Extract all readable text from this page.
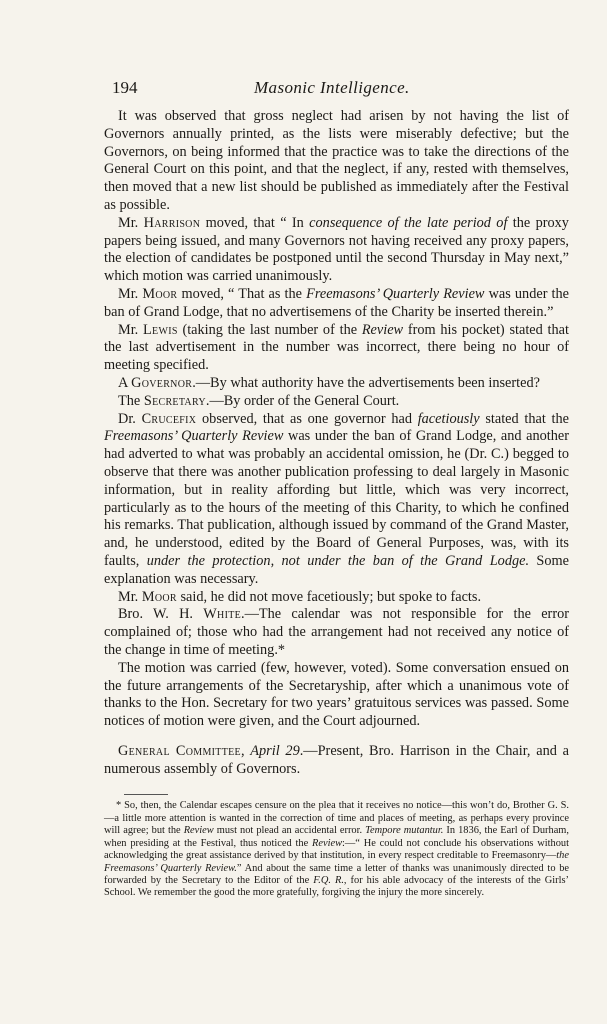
194	Masonic Intelligence.

It was observed that gross neglect had arisen by not having the list of Governors annually printed, as the lists were miserably defective; but the Governors, on being informed that the practice was to take the directions of the General Court on this point, and that the neglect, if any, rested with themselves, then moved that a new list should be published as immediately after the Festival as possible.

Mr. Harrison moved, that “ In consequence of the late period of the proxy papers being issued, and many Governors not having received any proxy papers, the election of candidates be postponed until the second Thursday in May next,” which motion was carried unanimously.

Mr. Moor moved, “ That as the Freemasons’ Quarterly Review was under the ban of Grand Lodge, that no advertisemens of the Charity be inserted therein.”

Mr. Lewis (taking the last number of the Review from his pocket) stated that the last advertisement in the number was incorrect, there being no hour of meeting specified.

A Governor.—By what authority have the advertisements been inserted?

The Secretary.—By order of the General Court.

Dr. Crucefix observed, that as one governor had facetiously stated that the Freemasons’ Quarterly Review was under the ban of Grand Lodge, and another had adverted to what was probably an accidental omission, he (Dr. C.) begged to observe that there was another publication professing to deal largely in Masonic information, but in reality affording but little, which was very incorrect, particularly as to the hours of the meeting of this Charity, to which he confined his remarks. That publication, although issued by command of the Grand Master, and, he understood, edited by the Board of General Purposes, was, with its faults, under the protection, not under the ban of the Grand Lodge. Some explanation was necessary.

Mr. Moor said, he did not move facetiously; but spoke to facts.

Bro. W. H. White.—The calendar was not responsible for the error complained of; those who had the arrangement had not received any notice of the change in time of meeting.*

The motion was carried (few, however, voted). Some conversation ensued on the future arrangements of the Secretaryship, after which a unanimous vote of thanks to the Hon. Secretary for two years’ gratuitous services was passed. Some notices of motion were given, and the Court adjourned.

General Committee, April 29.—Present, Bro. Harrison in the Chair, and a numerous assembly of Governors.

* So, then, the Calendar escapes censure on the plea that it receives no notice—this won’t do, Brother G. S.—a little more attention is wanted in the correction of time and places of meeting, as perhaps every province will agree; but the Review must not plead an accidental error. Tempore mutantur. In 1836, the Earl of Durham, when presiding at the Festival, thus noticed the Review:—“ He could not conclude his observations without acknowledging the great assistance derived by that institution, in every respect creditable to Freemasonry—the Freemasons’ Quarterly Review.” And about the same time a letter of thanks was unanimously directed to be forwarded by the Secretary to the Editor of the F.Q. R., for his able advocacy of the interests of the Girls’ School. We remember the good the more gratefully, forgiving the injury the more sincerely.
